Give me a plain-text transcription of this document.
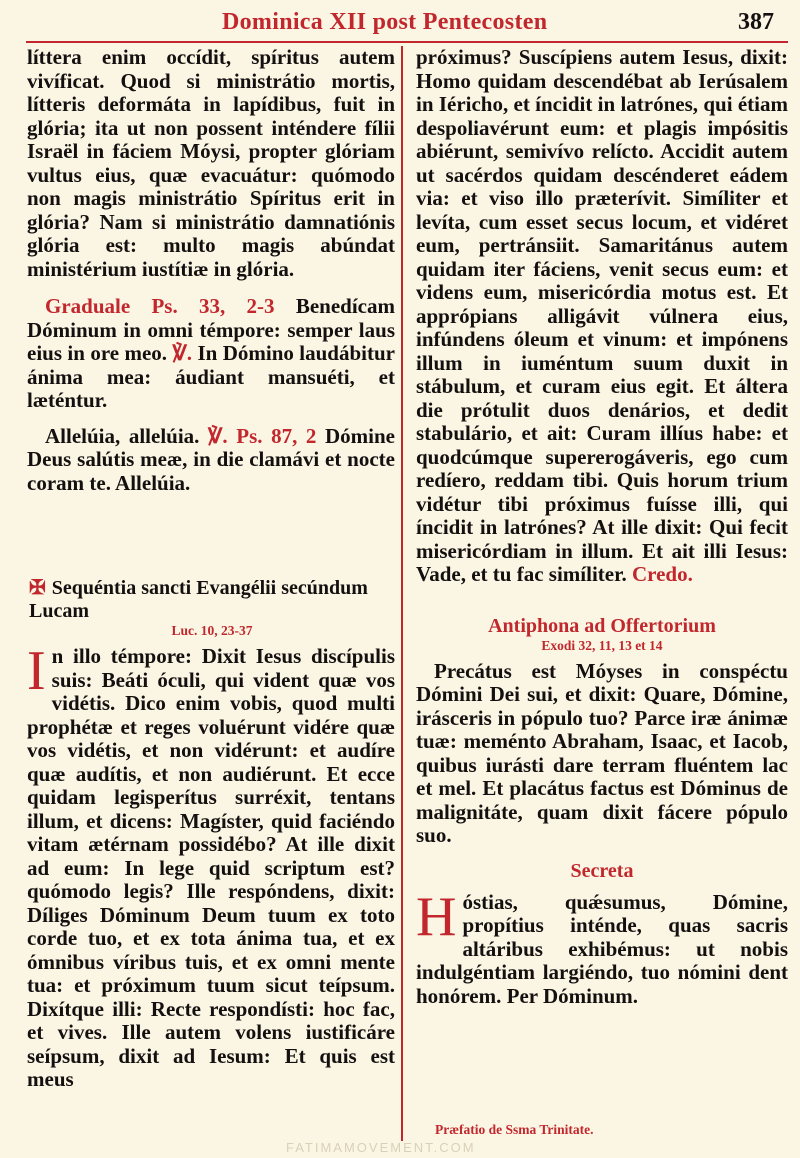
Dominica XII post Pentecosten	387

líttera enim occídit, spíritus autem vivíficat. Quod si ministrátio mortis, lítteris deformáta in lapídibus, fuit in glória; ita ut non possent inténdere fílii Israël in fáciem Móysi, propter glóriam vultus eius, quæ evacuátur: quómodo non magis ministrátio Spíritus erit in glória? Nam si ministrátio damnatiónis glória est: multo magis abúndat ministérium iustítiæ in glória.

Graduale Ps. 33, 2-3 Benedícam Dóminum in omni témpore: semper laus eius in ore meo. ℣. In Dómino laudábitur ánima mea: áudiant mansuéti, et læténtur.

Allelúia, allelúia. ℣. Ps. 87, 2 Dómine Deus salútis meæ, in die clamávi et nocte coram te. Allelúia.

✠ Sequéntia sancti Evangélii secúndum Lucam
Luc. 10, 23-37

In illo témpore: Dixit Iesus discípulis suis: Beáti óculi, qui vident quæ vos vidétis. Dico enim vobis, quod multi prophétæ et reges voluérunt vidére quæ vos vidétis, et non vidérunt: et audíre quæ audítis, et non audiérunt. Et ecce quidam legisperítus surréxit, tentans illum, et dicens: Magíster, quid faciéndo vitam ætérnam possidébo? At ille dixit ad eum: In lege quid scriptum est? quómodo legis? Ille respóndens, dixit: Díliges Dóminum Deum tuum ex toto corde tuo, et ex tota ánima tua, et ex ómnibus víribus tuis, et ex omni mente tua: et próximum tuum sicut teípsum. Dixítque illi: Recte respondísti: hoc fac, et vives. Ille autem volens iustificáre seípsum, dixit ad Iesum: Et quis est meus

próximus? Suscípiens autem Iesus, dixit: Homo quidam descendébat ab Ierúsalem in Iéricho, et íncidit in latrónes, qui étiam despoliavérunt eum: et plagis impósitis abiérunt, semivívo relícto. Accidit autem ut sacérdos quidam descénderet eádem via: et viso illo præterívit. Simíliter et levíta, cum esset secus locum, et vidéret eum, pertránsiit. Samaritánus autem quidam iter fáciens, venit secus eum: et videns eum, misericórdia motus est. Et apprópians alligávit vúlnera eius, infúndens óleum et vinum: et impónens illum in iuméntum suum duxit in stábulum, et curam eius egit. Et áltera die prótulit duos denários, et dedit stabulário, et ait: Curam illíus habe: et quodcúmque supererogáveris, ego cum redíero, reddam tibi. Quis horum trium vidétur tibi próximus fuísse illi, qui íncidit in latrónes? At ille dixit: Qui fecit misericórdiam in illum. Et ait illi Iesus: Vade, et tu fac simíliter. Credo.

Antiphona ad Offertorium
Exodi 32, 11, 13 et 14

Precátus est Móyses in conspéctu Dómini Dei sui, et dixit: Quare, Dómine, irásceris in pópulo tuo? Parce iræ ánimæ tuæ: meménto Abraham, Isaac, et Iacob, quibus iurásti dare terram fluéntem lac et mel. Et placátus factus est Dóminus de malignitáte, quam dixit fácere pópulo suo.

Secreta

Hóstias, quǽsumus, Dómine, propítius inténde, quas sacris altáribus exhibémus: ut nobis indulgéntiam largiéndo, tuo nómini dent honórem. Per Dóminum.

Præfatio de Ssma Trinitate.
FATIMAMOVEMENT.COM
